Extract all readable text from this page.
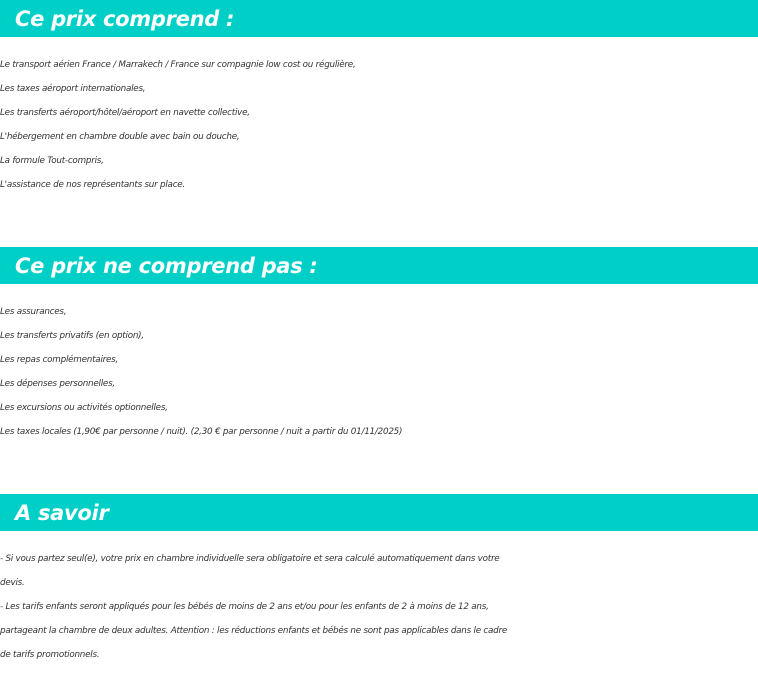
Ce prix comprend :
Le transport aérien France / Marrakech / France sur compagnie low cost ou régulière,
Les taxes aéroport internationales,
Les transferts aéroport/hôtel/aéroport en navette collective,
L'hébergement en chambre double avec bain ou douche,
La formule Tout-compris,
L'assistance de nos représentants sur place.
Ce prix ne comprend pas :
Les assurances,
Les transferts privatifs (en option),
Les repas complémentaires,
Les dépenses personnelles,
Les excursions ou activités optionnelles,
Les taxes locales (1,90€ par personne / nuit). (2,30 € par personne / nuit a partir du 01/11/2025)
A savoir
- Si vous partez seul(e), votre prix en chambre individuelle sera obligatoire et sera calculé automatiquement dans votre
devis.
- Les tarifs enfants seront appliqués pour les bébés de moins de 2 ans et/ou pour les enfants de 2 à moins de 12 ans,
partageant la chambre de deux adultes. Attention : les réductions enfants et bébés ne sont pas applicables dans le cadre
de tarifs promotionnels.
